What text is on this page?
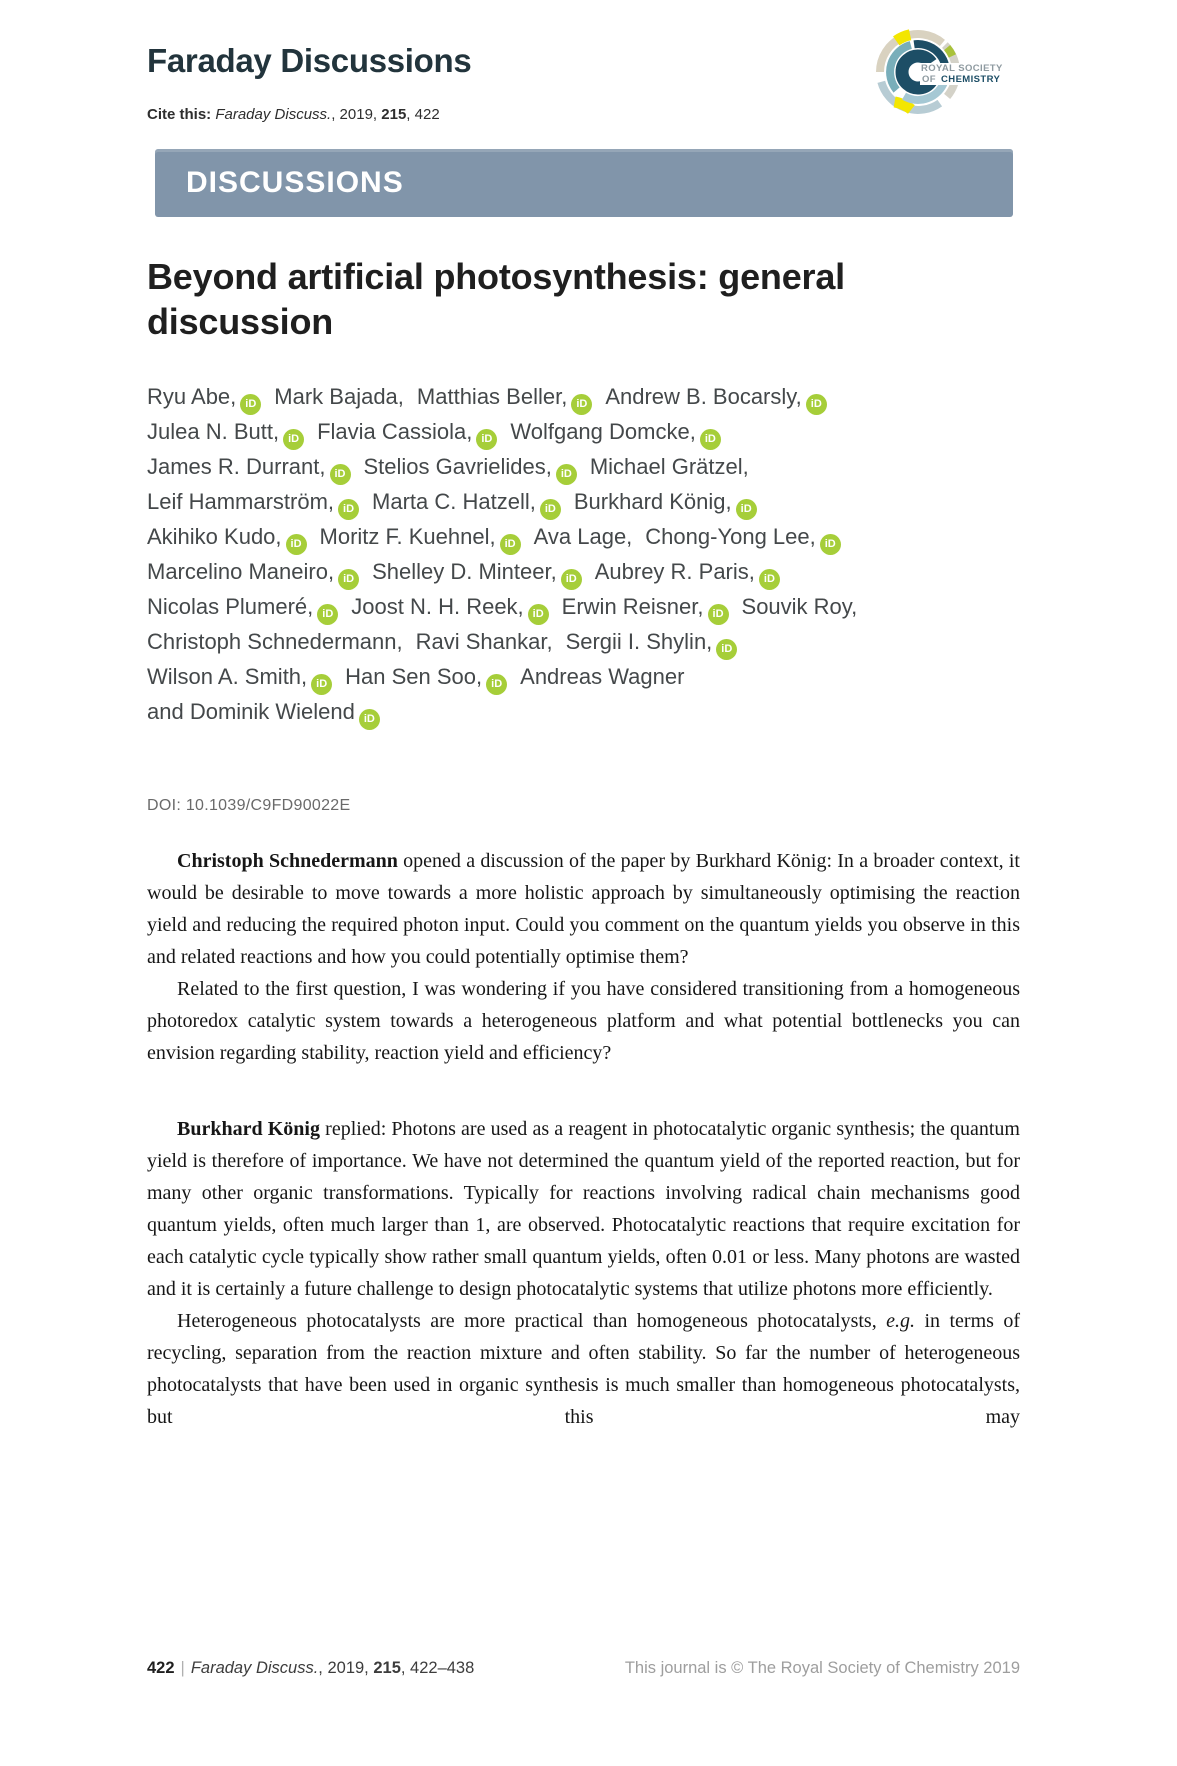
Faraday Discussions
Cite this: Faraday Discuss., 2019, 215, 422
ROYAL SOCIETY
OF CHEMISTRY
DISCUSSIONS
Beyond artificial photosynthesis: general discussion
Ryu Abe, iD Mark Bajada, Matthias Beller, iD Andrew B. Bocarsly, iD
Julea N. Butt, iD Flavia Cassiola, iD Wolfgang Domcke, iD
James R. Durrant, iD Stelios Gavrielides, iD Michael Grätzel,
Leif Hammarström, iD Marta C. Hatzell, iD Burkhard König, iD
Akihiko Kudo, iD Moritz F. Kuehnel, iD Ava Lage, Chong-Yong Lee, iD
Marcelino Maneiro, iD Shelley D. Minteer, iD Aubrey R. Paris, iD
Nicolas Plumeré, iD Joost N. H. Reek, iD Erwin Reisner, iD Souvik Roy,
Christoph Schnedermann, Ravi Shankar, Sergii I. Shylin, iD
Wilson A. Smith, iD Han Sen Soo, iD Andreas Wagner
and Dominik Wielend iD
DOI: 10.1039/C9FD90022E

Christoph Schnedermann opened a discussion of the paper by Burkhard König: In a broader context, it would be desirable to move towards a more holistic approach by simultaneously optimising the reaction yield and reducing the required photon input. Could you comment on the quantum yields you observe in this and related reactions and how you could potentially optimise them?

Related to the first question, I was wondering if you have considered transitioning from a homogeneous photoredox catalytic system towards a heterogeneous platform and what potential bottlenecks you can envision regarding stability, reaction yield and efficiency?

Burkhard König replied: Photons are used as a reagent in photocatalytic organic synthesis; the quantum yield is therefore of importance. We have not determined the quantum yield of the reported reaction, but for many other organic transformations. Typically for reactions involving radical chain mechanisms good quantum yields, often much larger than 1, are observed. Photocatalytic reactions that require excitation for each catalytic cycle typically show rather small quantum yields, often 0.01 or less. Many photons are wasted and it is certainly a future challenge to design photocatalytic systems that utilize photons more efficiently.

Heterogeneous photocatalysts are more practical than homogeneous photocatalysts, e.g. in terms of recycling, separation from the reaction mixture and often stability. So far the number of heterogeneous photocatalysts that have been used in organic synthesis is much smaller than homogeneous photocatalysts, but this may

422 | Faraday Discuss., 2019, 215, 422–438	This journal is © The Royal Society of Chemistry 2019
